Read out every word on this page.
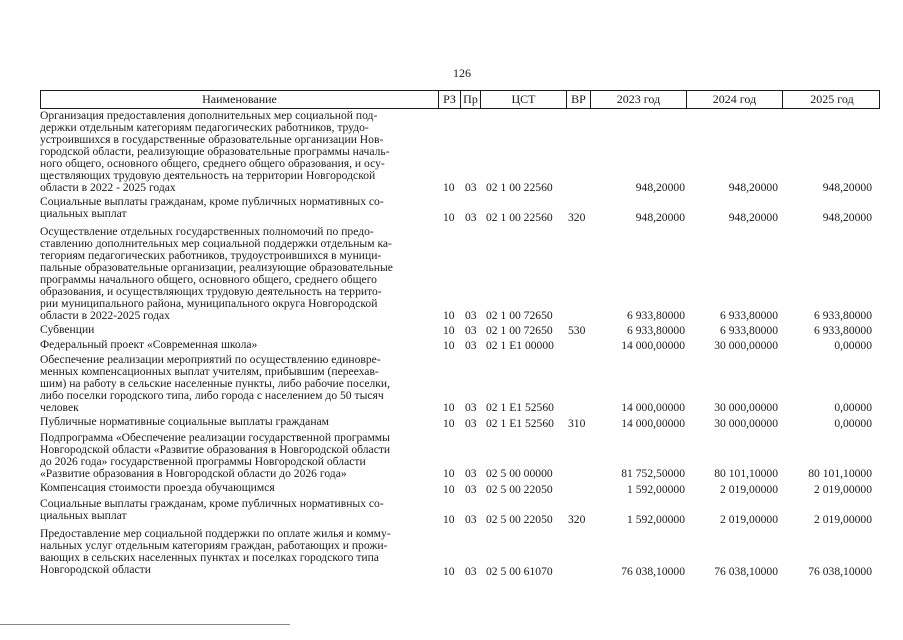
126
Наименование	РЗ Пр	ЦСТ	ВР	2023 год	2024 год	2025 год
Организация предоставления дополнительных мер социальной под-
держки отдельным категориям педагогических работников, трудо-
устроившихся в государственные образовательные организации Нов-
городской области, реализующие образовательные программы началь-
ного общего, основного общего, среднего общего образования, и осу-
ществляющих трудовую деятельность на территории Новгородской
области в 2022 - 2025 годах	10 03 02 1 00 22560	948,20000	948,20000	948,20000
Социальные выплаты гражданам, кроме публичных нормативных со-
циальных выплат	10 03 02 1 00 22560 320	948,20000	948,20000	948,20000
Осуществление отдельных государственных полномочий по предо-
ставлению дополнительных мер социальной поддержки отдельным ка-
тегориям педагогических работников, трудоустроившихся в муници-
пальные образовательные организации, реализующие образовательные
программы начального общего, основного общего, среднего общего
образования, и осуществляющих трудовую деятельность на террито-
рии муниципального района, муниципального округа Новгородской
области в 2022-2025 годах	10 03 02 1 00 72650	6 933,80000	6 933,80000	6 933,80000
Субвенции	10 03 02 1 00 72650 530	6 933,80000	6 933,80000	6 933,80000
Федеральный проект «Современная школа»	10 03 02 1 E1 00000	14 000,00000	30 000,00000	0,00000
Обеспечение реализации мероприятий по осуществлению единовре-
менных компенсационных выплат учителям, прибывшим (переехав-
шим) на работу в сельские населенные пункты, либо рабочие поселки,
либо поселки городского типа, либо города с населением до 50 тысяч
человек	10 03 02 1 E1 52560	14 000,00000	30 000,00000	0,00000
Публичные нормативные социальные выплаты гражданам	10 03 02 1 E1 52560 310	14 000,00000	30 000,00000	0,00000
Подпрограмма «Обеспечение реализации государственной программы
Новгородской области «Развитие образования в Новгородской области
до 2026 года» государственной программы Новгородской области
«Развитие образования в Новгородской области до 2026 года»	10 03 02 5 00 00000	81 752,50000	80 101,10000	80 101,10000
Компенсация стоимости проезда обучающимся	10 03 02 5 00 22050	1 592,00000	2 019,00000	2 019,00000
Социальные выплаты гражданам, кроме публичных нормативных со-
циальных выплат	10 03 02 5 00 22050 320	1 592,00000	2 019,00000	2 019,00000
Предоставление мер социальной поддержки по оплате жилья и комму-
нальных услуг отдельным категориям граждан, работающих и прожи-
вающих в сельских населенных пунктах и поселках городского типа
Новгородской области	10 03 02 5 00 61070	76 038,10000	76 038,10000	76 038,10000
